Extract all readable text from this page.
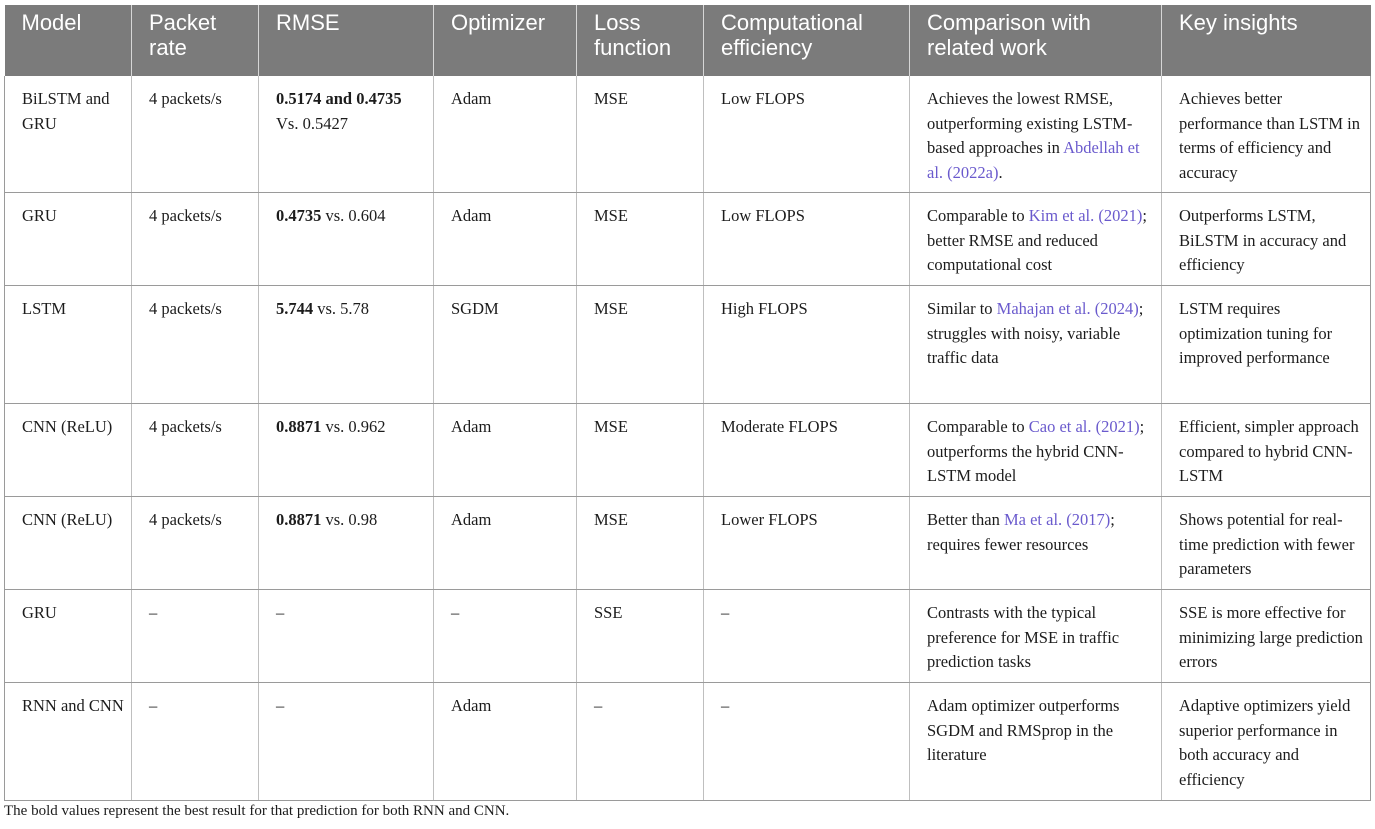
Model	Packet rate	RMSE	Optimizer	Loss function	Computational efficiency	Comparison with related work	Key insights
BiLSTM and GRU	4 packets/s	0.5174 and 0.4735 Vs. 0.5427	Adam	MSE	Low FLOPS	Achieves the lowest RMSE, outperforming existing LSTM-based approaches in Abdellah et al. (2022a).	Achieves better performance than LSTM in terms of efficiency and accuracy
GRU	4 packets/s	0.4735 vs. 0.604	Adam	MSE	Low FLOPS	Comparable to Kim et al. (2021); better RMSE and reduced computational cost	Outperforms LSTM, BiLSTM in accuracy and efficiency
LSTM	4 packets/s	5.744 vs. 5.78	SGDM	MSE	High FLOPS	Similar to Mahajan et al. (2024); struggles with noisy, variable traffic data	LSTM requires optimization tuning for improved performance
CNN (ReLU)	4 packets/s	0.8871 vs. 0.962	Adam	MSE	Moderate FLOPS	Comparable to Cao et al. (2021); outperforms the hybrid CNN-LSTM model	Efficient, simpler approach compared to hybrid CNN-LSTM
CNN (ReLU)	4 packets/s	0.8871 vs. 0.98	Adam	MSE	Lower FLOPS	Better than Ma et al. (2017); requires fewer resources	Shows potential for real-time prediction with fewer parameters
GRU	–	–	–	SSE	–	Contrasts with the typical preference for MSE in traffic prediction tasks	SSE is more effective for minimizing large prediction errors
RNN and CNN	–	–	Adam	–	–	Adam optimizer outperforms SGDM and RMSprop in the literature	Adaptive optimizers yield superior performance in both accuracy and efficiency

The bold values represent the best result for that prediction for both RNN and CNN.
